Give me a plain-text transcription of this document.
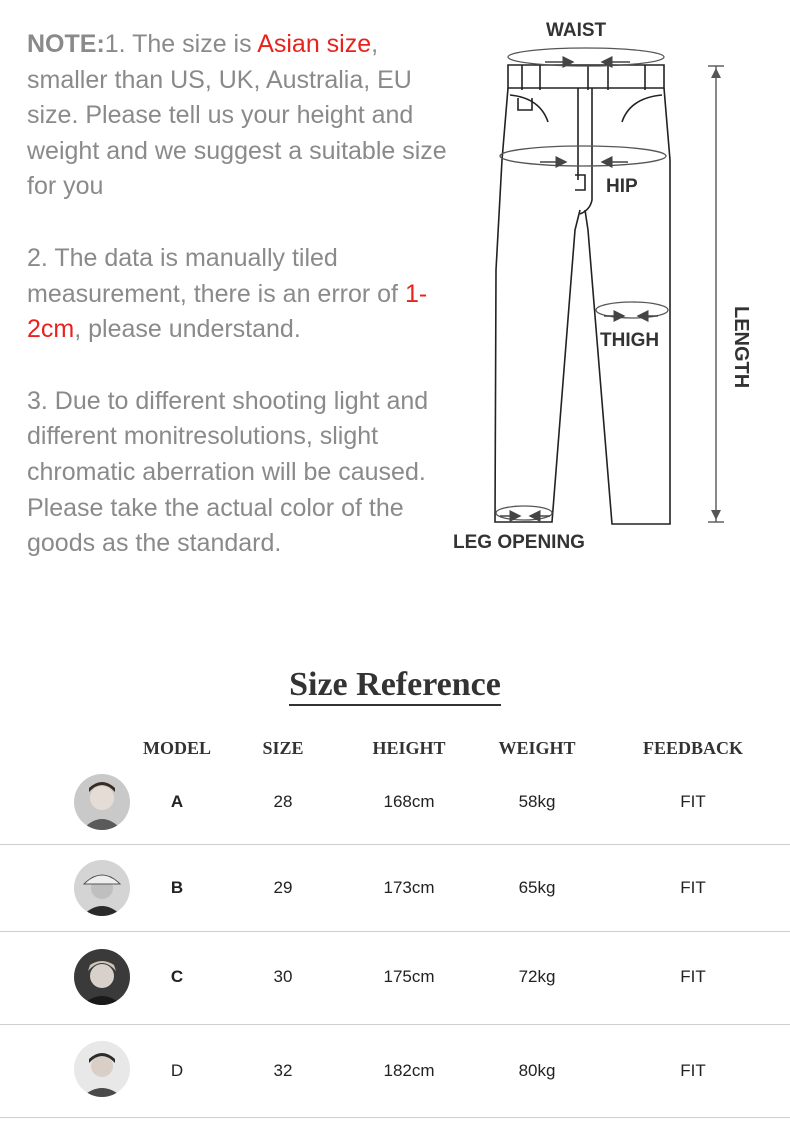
NOTE:1. The size is Asian size, smaller than US, UK, Australia, EU size. Please tell us your height and weight and we suggest a suitable size for you

2. The data is manually tiled measurement, there is an error of 1-2cm, please understand.

3. Due to different shooting light and different monitresolutions, slight chromatic aberration will be caused. Please take the actual color of the goods as the standard.

WAIST
HIP
THIGH	LENGTH
LEG OPENING
Size Reference
MODEL	SIZE	HEIGHT	WEIGHT	FEEDBACK
A	28	168cm	58kg	FIT
B	29	173cm	65kg	FIT
C	30	175cm	72kg	FIT
D	32	182cm	80kg	FIT
